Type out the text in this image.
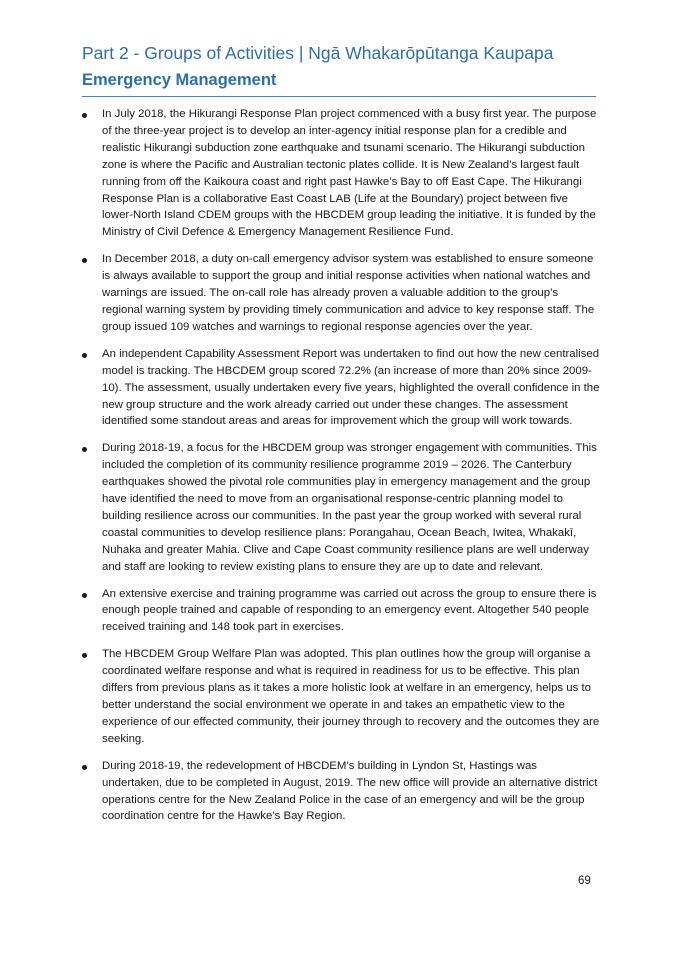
Part 2 - Groups of Activities | Ngā Whakarōpūtanga Kaupapa
Emergency Management
In July 2018, the Hikurangi Response Plan project commenced with a busy first year. The purpose of the three-year project is to develop an inter-agency initial response plan for a credible and realistic Hikurangi subduction zone earthquake and tsunami scenario. The Hikurangi subduction zone is where the Pacific and Australian tectonic plates collide. It is New Zealand’s largest fault running from off the Kaikoura coast and right past Hawke’s Bay to off East Cape. The Hikurangi Response Plan is a collaborative East Coast LAB (Life at the Boundary) project between five lower-North Island CDEM groups with the HBCDEM group leading the initiative. It is funded by the Ministry of Civil Defence & Emergency Management Resilience Fund.
In December 2018, a duty on-call emergency advisor system was established to ensure someone is always available to support the group and initial response activities when national watches and warnings are issued. The on-call role has already proven a valuable addition to the group’s regional warning system by providing timely communication and advice to key response staff. The group issued 109 watches and warnings to regional response agencies over the year.
An independent Capability Assessment Report was undertaken to find out how the new centralised model is tracking. The HBCDEM group scored 72.2% (an increase of more than 20% since 2009-10). The assessment, usually undertaken every five years, highlighted the overall confidence in the new group structure and the work already carried out under these changes. The assessment identified some standout areas and areas for improvement which the group will work towards.
During 2018-19, a focus for the HBCDEM group was stronger engagement with communities. This included the completion of its community resilience programme 2019 – 2026. The Canterbury earthquakes showed the pivotal role communities play in emergency management and the group have identified the need to move from an organisational response-centric planning model to building resilience across our communities. In the past year the group worked with several rural coastal communities to develop resilience plans: Porangahau, Ocean Beach, Iwitea, Whakakī, Nuhaka and greater Mahia. Clive and Cape Coast community resilience plans are well underway and staff are looking to review existing plans to ensure they are up to date and relevant.
An extensive exercise and training programme was carried out across the group to ensure there is enough people trained and capable of responding to an emergency event. Altogether 540 people received training and 148 took part in exercises.
The HBCDEM Group Welfare Plan was adopted. This plan outlines how the group will organise a coordinated welfare response and what is required in readiness for us to be effective. This plan differs from previous plans as it takes a more holistic look at welfare in an emergency, helps us to better understand the social environment we operate in and takes an empathetic view to the experience of our effected community, their journey through to recovery and the outcomes they are seeking.
During 2018-19, the redevelopment of HBCDEM’s building in Lyndon St, Hastings was undertaken, due to be completed in August, 2019. The new office will provide an alternative district operations centre for the New Zealand Police in the case of an emergency and will be the group coordination centre for the Hawke’s Bay Region.
69
